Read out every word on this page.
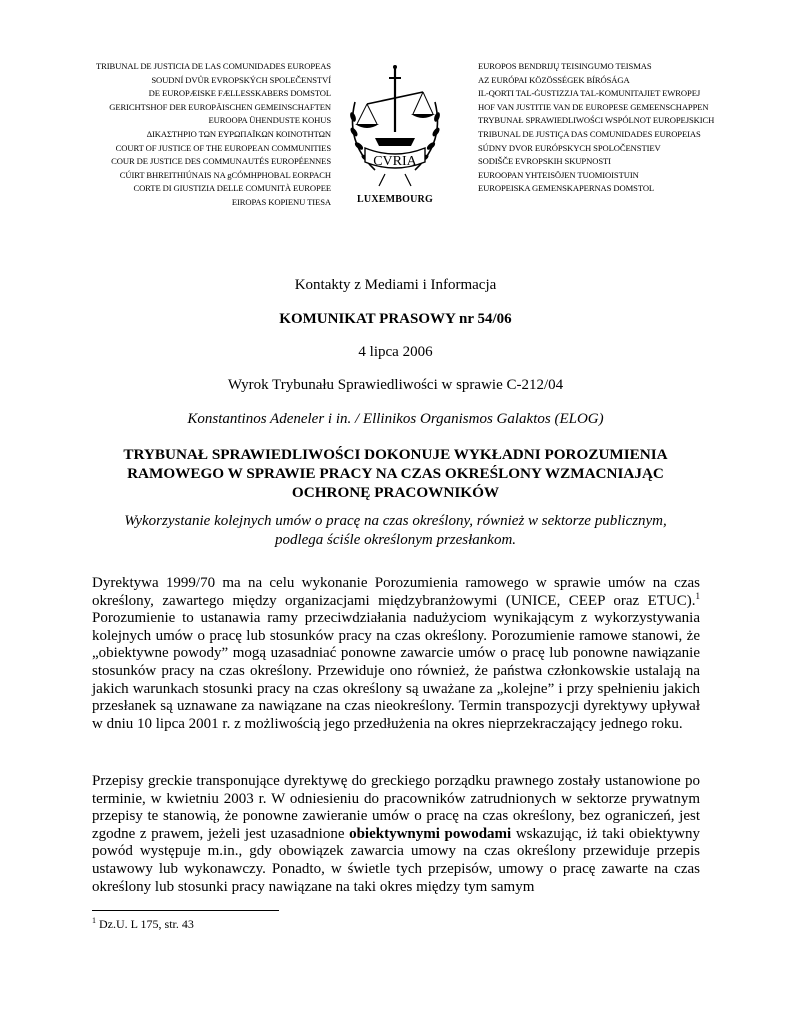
TRIBUNAL DE JUSTICIA DE LAS COMUNIDADES EUROPEAS
SOUDNÍ DVŮR EVROPSKÝCH SPOLEČENSTVÍ
DE EUROPÆISKE FÆLLESSKABERS DOMSTOL
GERICHTSHOF DER EUROPÄISCHEN GEMEINSCHAFTEN
EUROOPA ÜHENDUSTE KOHUS
ΔΙΚΑΣΤΗΡΙΟ ΤΩΝ ΕΥΡΩΠΑΪΚΩΝ ΚΟΙΝΟΤΗΤΩΝ
COURT OF JUSTICE OF THE EUROPEAN COMMUNITIES
COUR DE JUSTICE DES COMMUNAUTÉS EUROPÉENNES
CÚIRT BHREITHIÚNAIS NA gCÓMHPHOBAL EORPACH
CORTE DI GIUSTIZIA DELLE COMUNITÀ EUROPEE
EIROPAS KOPIENU TIESA
CVRIA
LUXEMBOURG
EUROPOS BENDRIJŲ TEISINGUMO TEISMAS
AZ EURÓPAI KÖZÖSSÉGEK BÍRÓSÁGA
IL-QORTI TAL-ĠUSTIZZJA TAL-KOMUNITAJIET EWROPEJ
HOF VAN JUSTITIE VAN DE EUROPESE GEMEENSCHAPPEN
TRYBUNAŁ SPRAWIEDLIWOŚCI WSPÓLNOT EUROPEJSKICH
TRIBUNAL DE JUSTIÇA DAS COMUNIDADES EUROPEIAS
SÚDNY DVOR EURÓPSKYCH SPOLOČENSTIEV
SODIŠČE EVROPSKIH SKUPNOSTI
EUROOPAN YHTEISÖJEN TUOMIOISTUIN
EUROPEISKA GEMENSKAPERNAS DOMSTOL
Kontakty z Mediami i Informacja
KOMUNIKAT PRASOWY nr 54/06
4 lipca 2006
Wyrok Trybunału Sprawiedliwości w sprawie C-212/04
Konstantinos Adeneler i in. / Ellinikos Organismos Galaktos (ELOG)
TRYBUNAŁ SPRAWIEDLIWOŚCI DOKONUJE WYKŁADNI POROZUMIENIA
RAMOWEGO W SPRAWIE PRACY NA CZAS OKREŚLONY WZMACNIAJĄC
OCHRONĘ PRACOWNIKÓW
Wykorzystanie kolejnych umów o pracę na czas określony, również w sektorze publicznym,
podlega ściśle określonym przesłankom.

Dyrektywa 1999/70 ma na celu wykonanie Porozumienia ramowego w sprawie umów na czas określony, zawartego między organizacjami międzybranżowymi (UNICE, CEEP oraz ETUC).$^1$ Porozumienie to ustanawia ramy przeciwdziałania nadużyciom wynikającym z wykorzystywania kolejnych umów o pracę lub stosunków pracy na czas określony. Porozumienie ramowe stanowi, że „obiektywne powody” mogą uzasadniać ponowne zawarcie umów o pracę lub ponowne nawiązanie stosunków pracy na czas określony. Przewiduje ono również, że państwa członkowskie ustalają na jakich warunkach stosunki pracy na czas określony są uważane za „kolejne” i przy spełnieniu jakich przesłanek są uznawane za nawiązane na czas nieokreślony. Termin transpozycji dyrektywy upływał w dniu 10 lipca 2001 r. z możliwością jego przedłużenia na okres nieprzekraczający jednego roku.

Przepisy greckie transponujące dyrektywę do greckiego porządku prawnego zostały ustanowione po terminie, w kwietniu 2003 r. W odniesieniu do pracowników zatrudnionych w sektorze prywatnym przepisy te stanowią, że ponowne zawieranie umów o pracę na czas określony, bez ograniczeń, jest zgodne z prawem, jeżeli jest uzasadnione obiektywnymi powodami wskazując, iż taki obiektywny powód występuje m.in., gdy obowiązek zawarcia umowy na czas określony przewiduje przepis ustawowy lub wykonawczy. Ponadto, w świetle tych przepisów, umowy o pracę zawarte na czas określony lub stosunki pracy nawiązane na taki okres między tym samym

$^1$ Dz.U. L 175, str. 43
